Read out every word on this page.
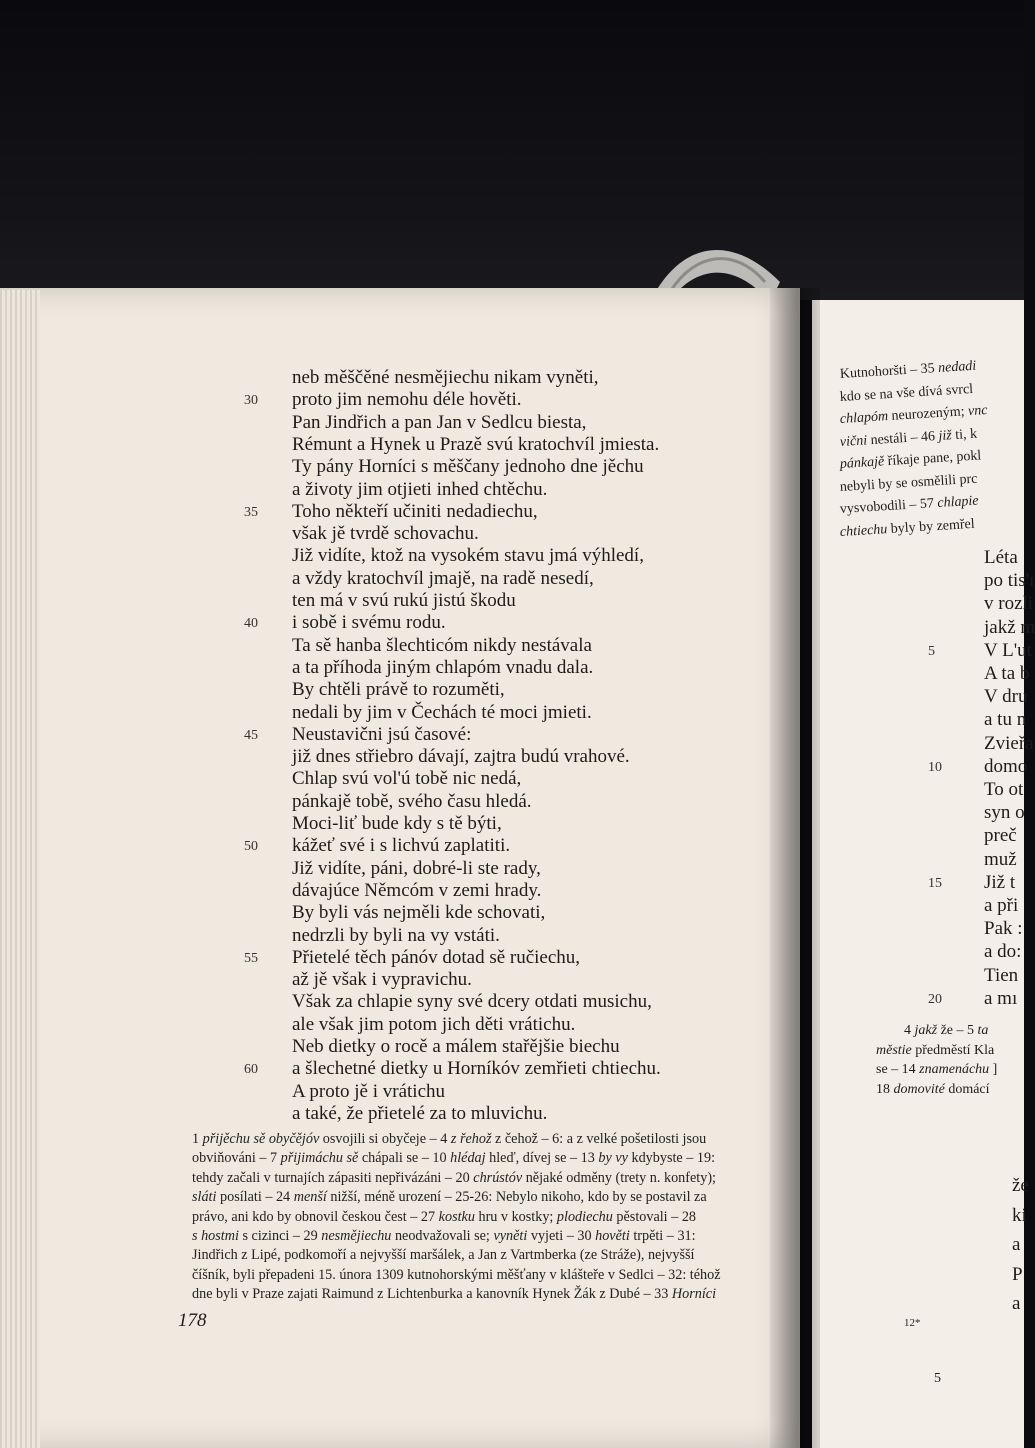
neb měščěné nesmějiechu nikam vyněti,
proto jim nemohu déle hověti.
Pan Jindřich a pan Jan v Sedlcu biesta,
Rémunt a Hynek u Prazě svú kratochvíl jmiesta.
Ty pány Horníci s měščany jednoho dne jěchu
a životy jim otjieti inhed chtěchu.
Toho někteří učiniti nedadiechu,
však jě tvrdě schovachu.
Již vidíte, ktož na vysokém stavu jmá výhledí,
a vždy kratochvíl jmajě, na radě nesedí,
ten má v svú rukú jistú škodu
i sobě i svému rodu.
Ta sě hanba šlechticóm nikdy nestávala
a ta příhoda jiným chlapóm vnadu dala.
By chtěli právě to rozuměti,
nedali by jim v Čechách té moci jmieti.
Neustavični jsú časové:
již dnes střiebro dávají, zajtra budú vrahové.
Chlap svú vol'ú tobě nic nedá,
pánkajě tobě, svého času hledá.
Moci-liť bude kdy s tě býti,
kážeť své i s lichvú zaplatiti.
Již vidíte, páni, dobré-li ste rady,
dávajúce Němcóm v zemi hrady.
By byli vás nejměli kde schovati,
nedrzli by byli na vy vstáti.
Přietelé těch pánóv dotad sě ručiechu,
až jě však i vypravichu.
Však za chlapie syny své dcery otdati musichu,
ale však jim potom jich děti vrátichu.
Neb dietky o rocě a málem stařějšie biechu
a šlechetné dietky u Horníkóv zemřieti chtiechu.
A proto jě i vrátichu
a také, že přietelé za to mluvichu.
30
35
40
45
50
55
60
1 přijěchu sě obyčějóv osvojili si obyčeje – 4 z řehož z čehož – 6: a z velké pošetilosti jsou
obviňováni – 7 přijimáchu sě chápali se – 10 hlédaj hleď, dívej se – 13 by vy kdybyste – 19:
tehdy začali v turnajích zápasiti nepřivázáni – 20 chrústóv nějaké odměny (trety n. konfety);
sláti posílati – 24 menší nižší, méně urození – 25-26: Nebylo nikoho, kdo by se postavil za
právo, ani kdo by obnovil českou čest – 27 kostku hru v kostky; plodiechu pěstovali – 28
s hostmi s cizinci – 29 nesmějiechu neodvažovali se; vyněti vyjeti – 30 hověti trpěti – 31:
Jindřich z Lipé, podkomoří a nejvyšší maršálek, a Jan z Vartmberka (ze Stráže), nejvyšší
číšník, byli přepadeni 15. února 1309 kutnohorskými měšťany v klášteře v Sedlci – 32: téhož
dne byli v Praze zajati Raimund z Lichtenburka a kanovník Hynek Žák z Dubé – 33 Horníci
178
Kutnohoršti – 35 nedadi
kdo se na vše dívá svrcl
chlapóm neurozeným; vnc
vični nestáli – 46 již ti, k
pánkajě říkaje pane, pokl
nebyli by se osmělili prc
vysvobodili – 57 chlapie
chtiechu byly by zemřel
Léta
po tis'ı
v rozli
jakž m
V L'ut
A ta b
V dru
a tu n
Zvieřa
domo
To ot
syn o
preč
muž
Již t
a při
Pak :
a do:
Tien
a mı
5
10
15
20
4 jakž že – 5 ta
městie předměstí Kla
se – 14 znamenáchu ]
18 domovité domácí
že
ki
a
P
a
5
12*
